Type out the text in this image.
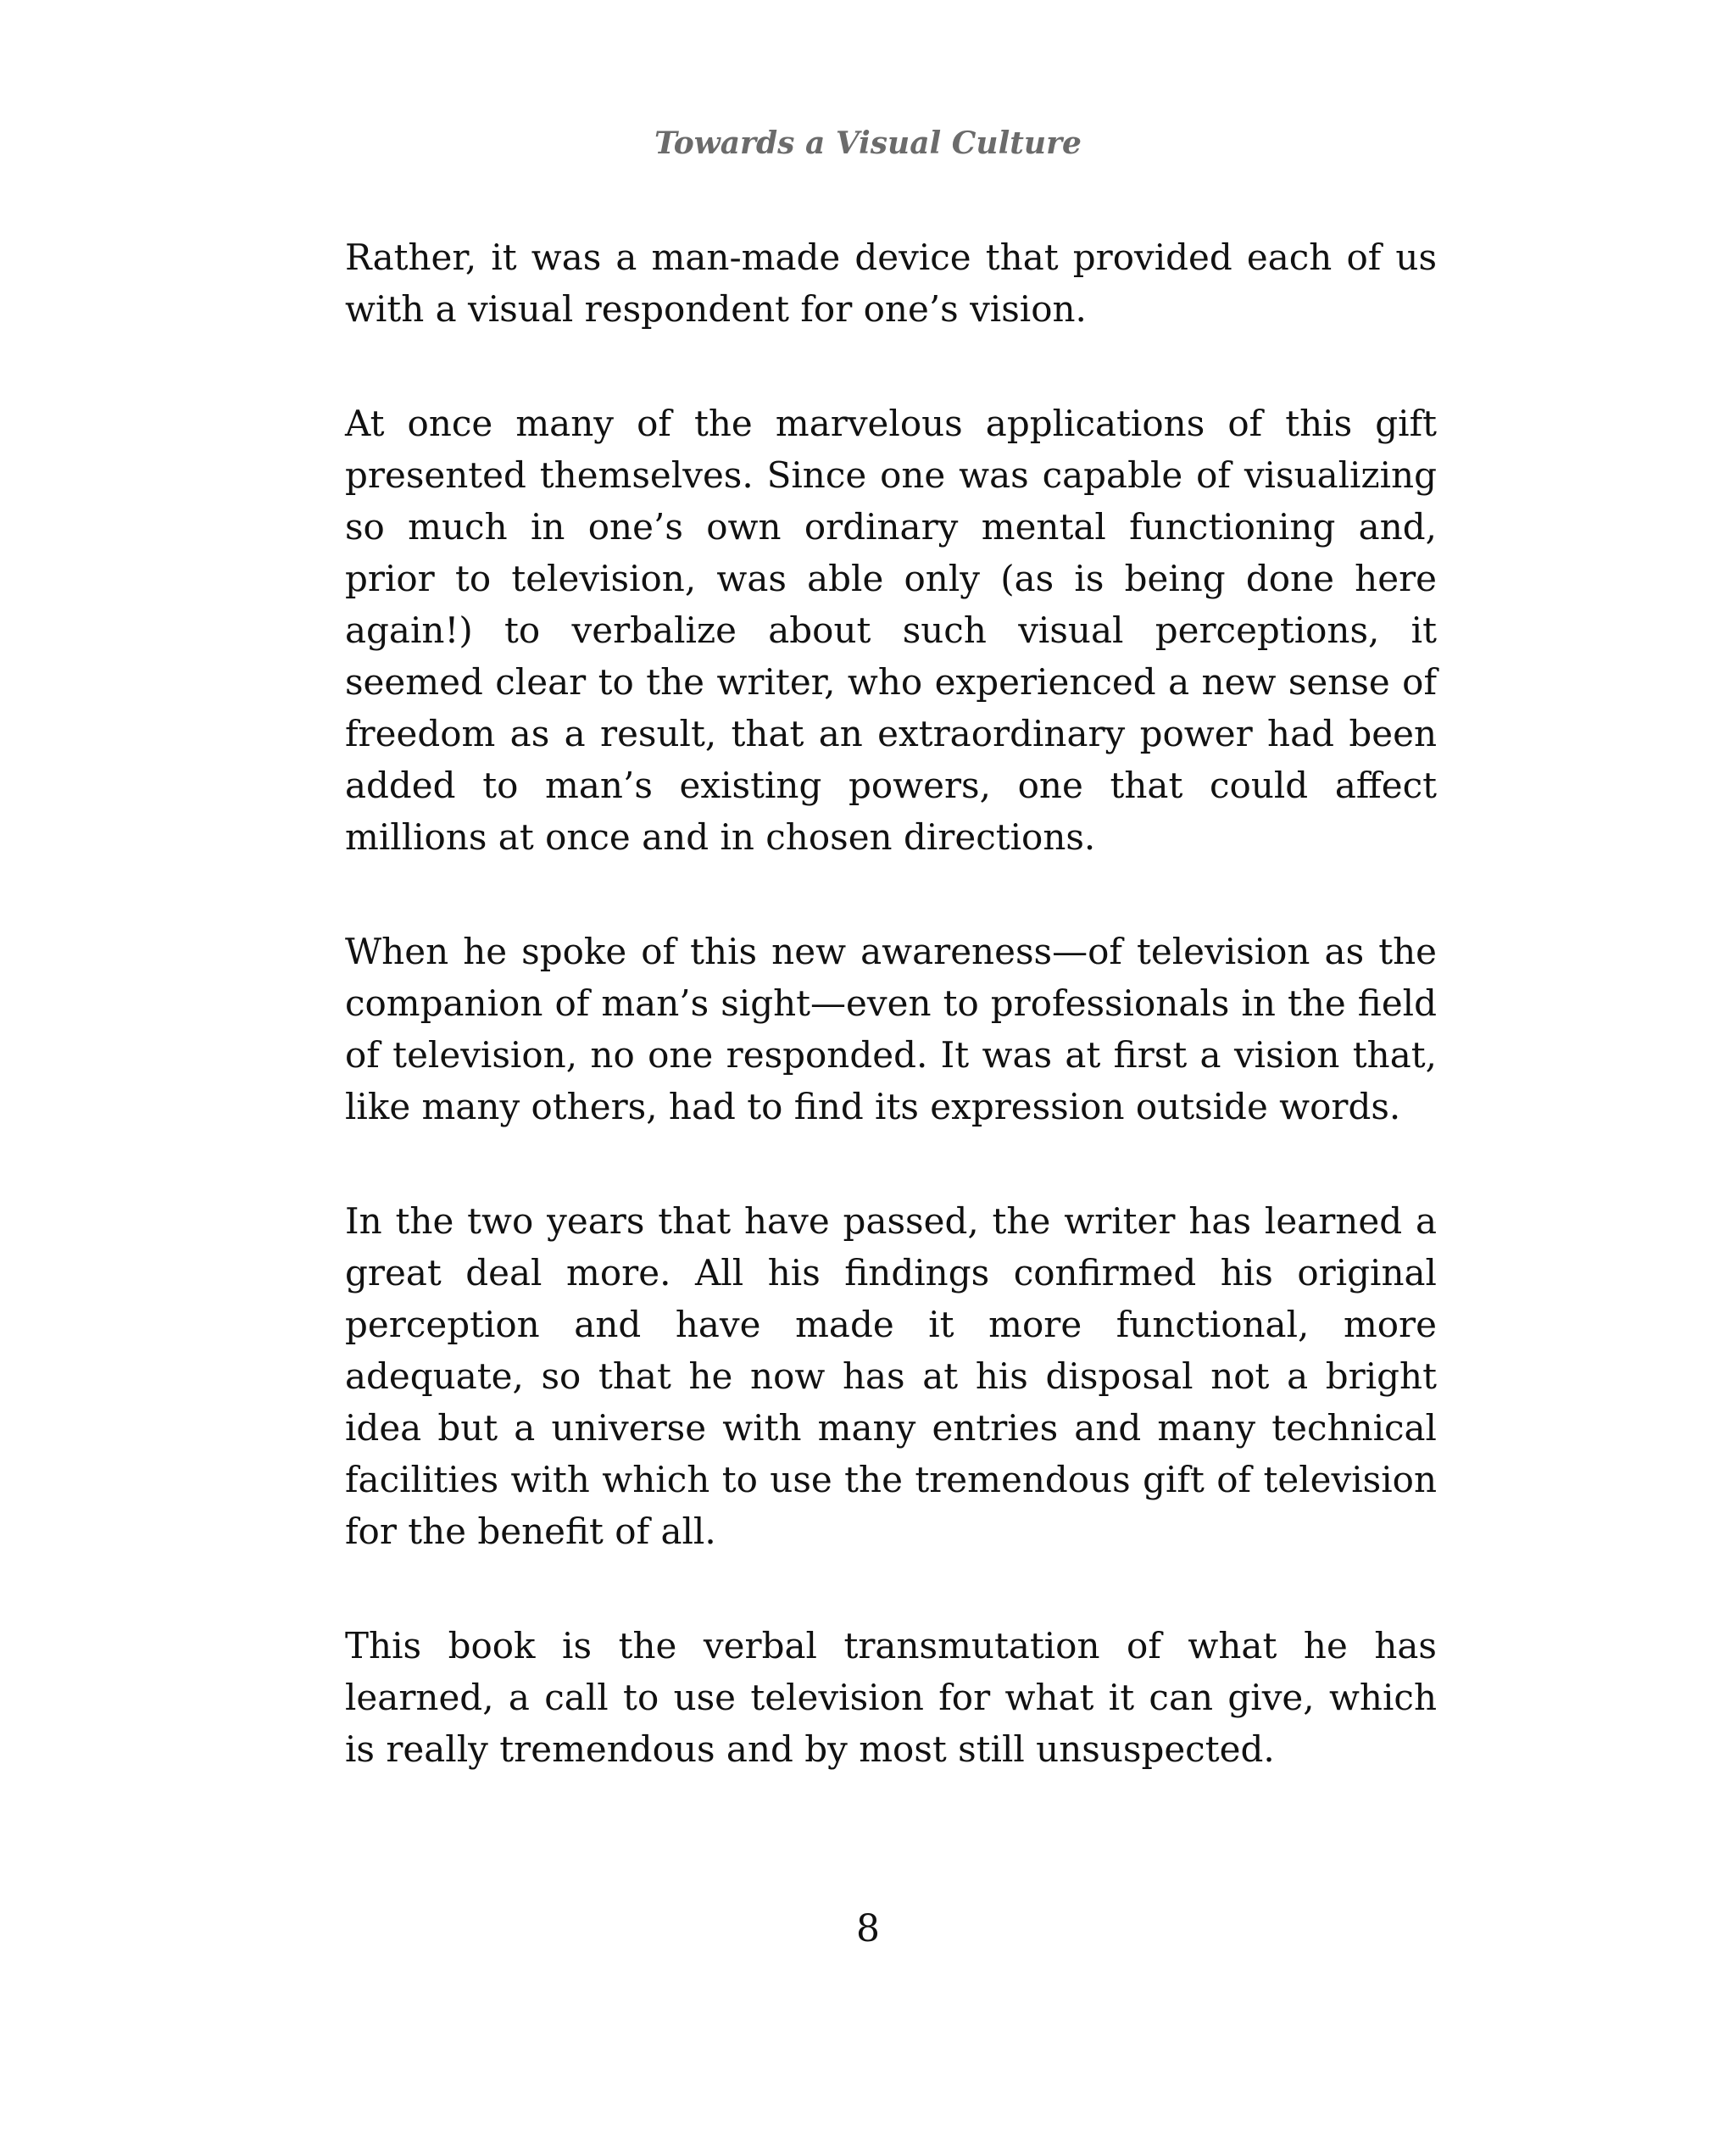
Towards a Visual Culture

Rather, it was a man-made device that provided each of us with a visual respondent for one’s vision.

At once many of the marvelous applications of this gift presented themselves. Since one was capable of visualizing so much in one’s own ordinary mental functioning and, prior to television, was able only (as is being done here again!) to verbalize about such visual perceptions, it seemed clear to the writer, who experienced a new sense of freedom as a result, that an extraordinary power had been added to man’s existing powers, one that could affect millions at once and in chosen directions.

When he spoke of this new awareness—of television as the companion of man’s sight—even to professionals in the field of television, no one responded. It was at first a vision that, like many others, had to find its expression outside words.

In the two years that have passed, the writer has learned a great deal more. All his findings confirmed his original perception and have made it more functional, more adequate, so that he now has at his disposal not a bright idea but a universe with many entries and many technical facilities with which to use the tremendous gift of television for the benefit of all.

This book is the verbal transmutation of what he has learned, a call to use television for what it can give, which is really tremendous and by most still unsuspected.

8
